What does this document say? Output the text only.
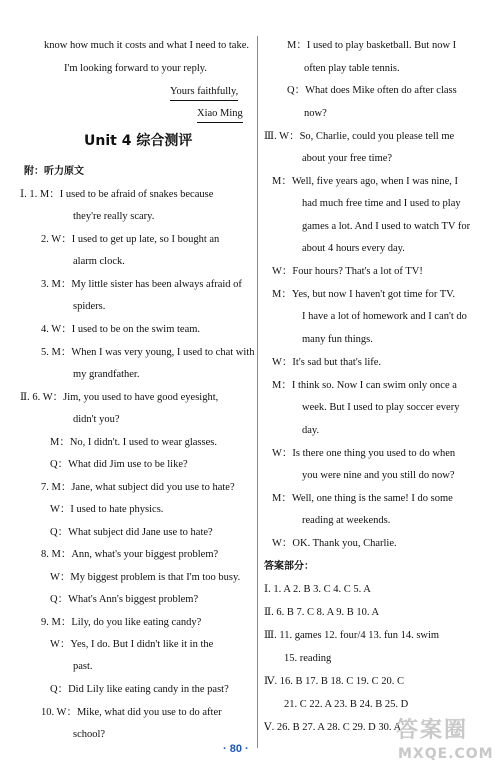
know how much it costs and what I need to take.
I'm looking forward to your reply.
Yours faithfully,
Xiao Ming
Unit 4 综合测评
附：听力原文
Ⅰ. 1. M：I used to be afraid of snakes because
they're really scary.
2. W：I used to get up late, so I bought an
alarm clock.
3. M：My little sister has been always afraid of
spiders.
4. W：I used to be on the swim team.
5. M：When I was very young, I used to chat with
my grandfather.
Ⅱ. 6. W：Jim, you used to have good eyesight,
didn't you?
M：No, I didn't. I used to wear glasses.
Q：What did Jim use to be like?
7. M：Jane, what subject did you use to hate?
W：I used to hate physics.
Q：What subject did Jane use to hate?
8. M：Ann, what's your biggest problem?
W：My biggest problem is that I'm too busy.
Q：What's Ann's biggest problem?
9. M：Lily, do you like eating candy?
W：Yes, I do. But I didn't like it in the
past.
Q：Did Lily like eating candy in the past?
10. W：Mike, what did you use to do after
school?
M：I used to play basketball. But now I
often play table tennis.
Q：What does Mike often do after class
now?
Ⅲ. W：So, Charlie, could you please tell me
about your free time?
M：Well, five years ago, when I was nine, I
had much free time and I used to play
games a lot. And I used to watch TV for
about 4 hours every day.
W：Four hours? That's a lot of TV!
M：Yes, but now I haven't got time for TV.
I have a lot of homework and I can't do
many fun things.
W：It's sad but that's life.
M：I think so. Now I can swim only once a
week. But I used to play soccer every
day.
W：Is there one thing you used to do when
you were nine and you still do now?
M：Well, one thing is the same! I do some
reading at weekends.
W：OK. Thank you, Charlie.
答案部分：
Ⅰ. 1. A 2. B 3. C 4. C 5. A
Ⅱ. 6. B 7. C 8. A 9. B 10. A
Ⅲ. 11. games 12. four/4 13. fun 14. swim
15. reading
Ⅳ. 16. B 17. B 18. C 19. C 20. C
21. C 22. A 23. B 24. B 25. D
Ⅴ. 26. B 27. A 28. C 29. D 30. A
· 80 ·
答案圈
MXQE.COM
